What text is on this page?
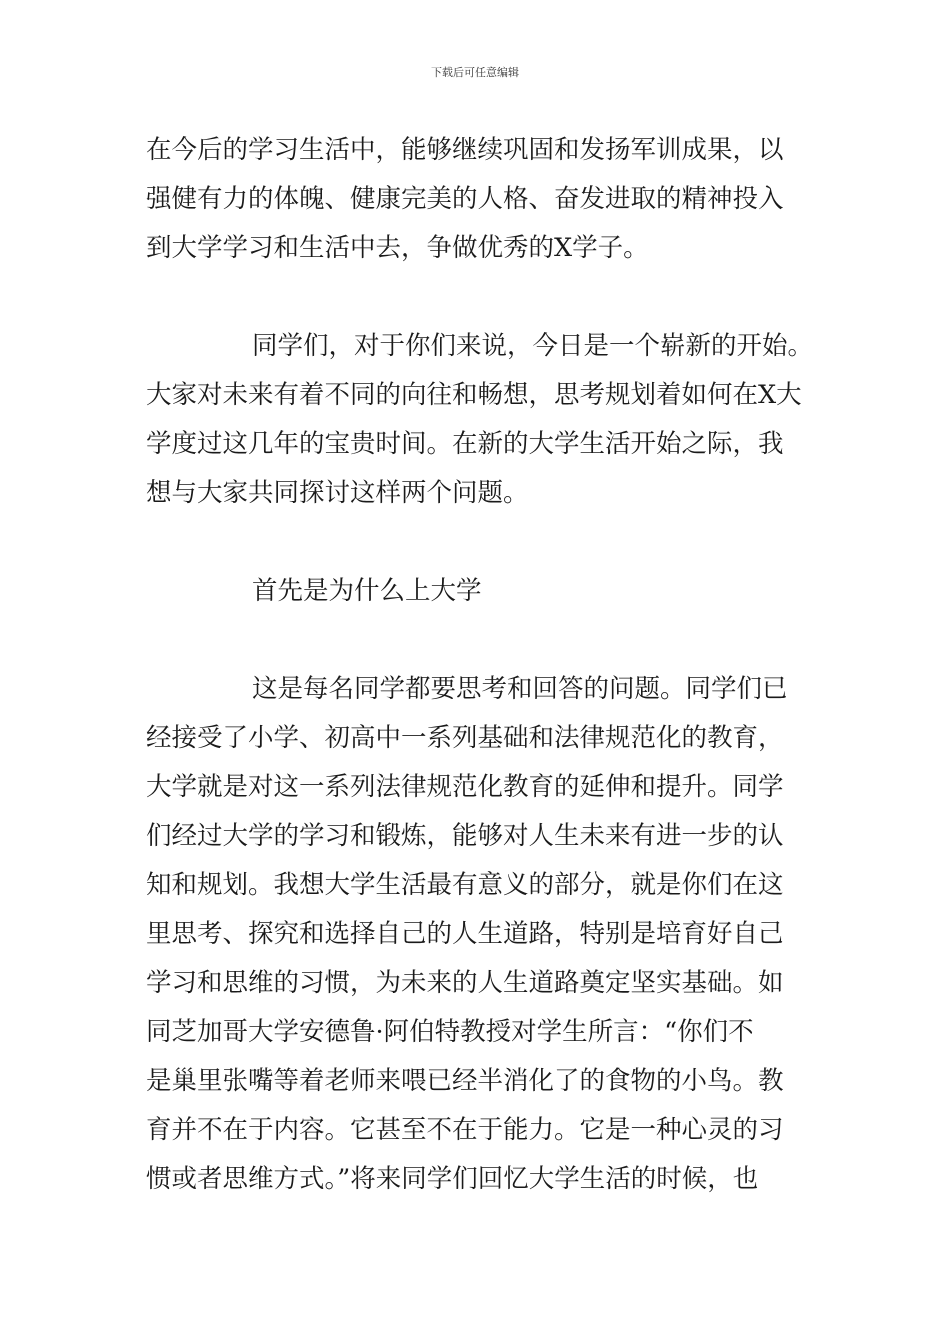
下载后可任意编辑
在今后的学习生活中，能够继续巩固和发扬军训成果，以
强健有力的体魄、健康完美的人格、奋发进取的精神投入
到大学学习和生活中去，争做优秀的X学子。
同学们，对于你们来说，今日是一个崭新的开始。
大家对未来有着不同的向往和畅想，思考规划着如何在X大
学度过这几年的宝贵时间。在新的大学生活开始之际，我
想与大家共同探讨这样两个问题。
首先是为什么上大学
这是每名同学都要思考和回答的问题。同学们已
经接受了小学、初高中一系列基础和法律规范化的教育，
大学就是对这一系列法律规范化教育的延伸和提升。同学
们经过大学的学习和锻炼，能够对人生未来有进一步的认
知和规划。我想大学生活最有意义的部分，就是你们在这
里思考、探究和选择自己的人生道路，特别是培育好自己
学习和思维的习惯，为未来的人生道路奠定坚实基础。如
同芝加哥大学安德鲁·阿伯特教授对学生所言：“你们不
是巢里张嘴等着老师来喂已经半消化了的食物的小鸟。教
育并不在于内容。它甚至不在于能力。它是一种心灵的习
惯或者思维方式。”将来同学们回忆大学生活的时候，也
